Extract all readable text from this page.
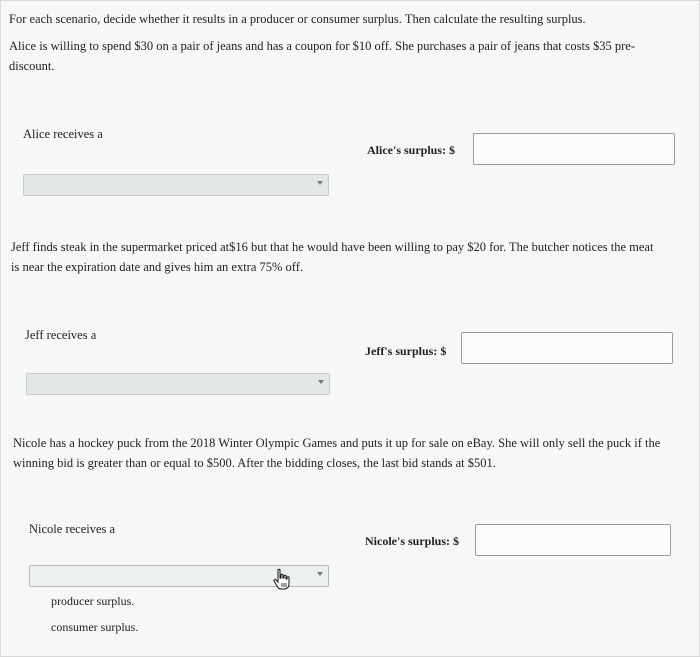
For each scenario, decide whether it results in a producer or consumer surplus. Then calculate the resulting surplus.
Alice is willing to spend $30 on a pair of jeans and has a coupon for $10 off. She purchases a pair of jeans that costs $35 pre-
discount.
Alice receives a
Alice's surplus: $
Jeff finds steak in the supermarket priced at$16 but that he would have been willing to pay $20 for. The butcher notices the meat
is near the expiration date and gives him an extra 75% off.
Jeff receives a
Jeff's surplus: $
Nicole has a hockey puck from the 2018 Winter Olympic Games and puts it up for sale on eBay. She will only sell the puck if the
winning bid is greater than or equal to $500. After the bidding closes, the last bid stands at $501.
Nicole receives a
Nicole's surplus: $
producer surplus.
consumer surplus.
